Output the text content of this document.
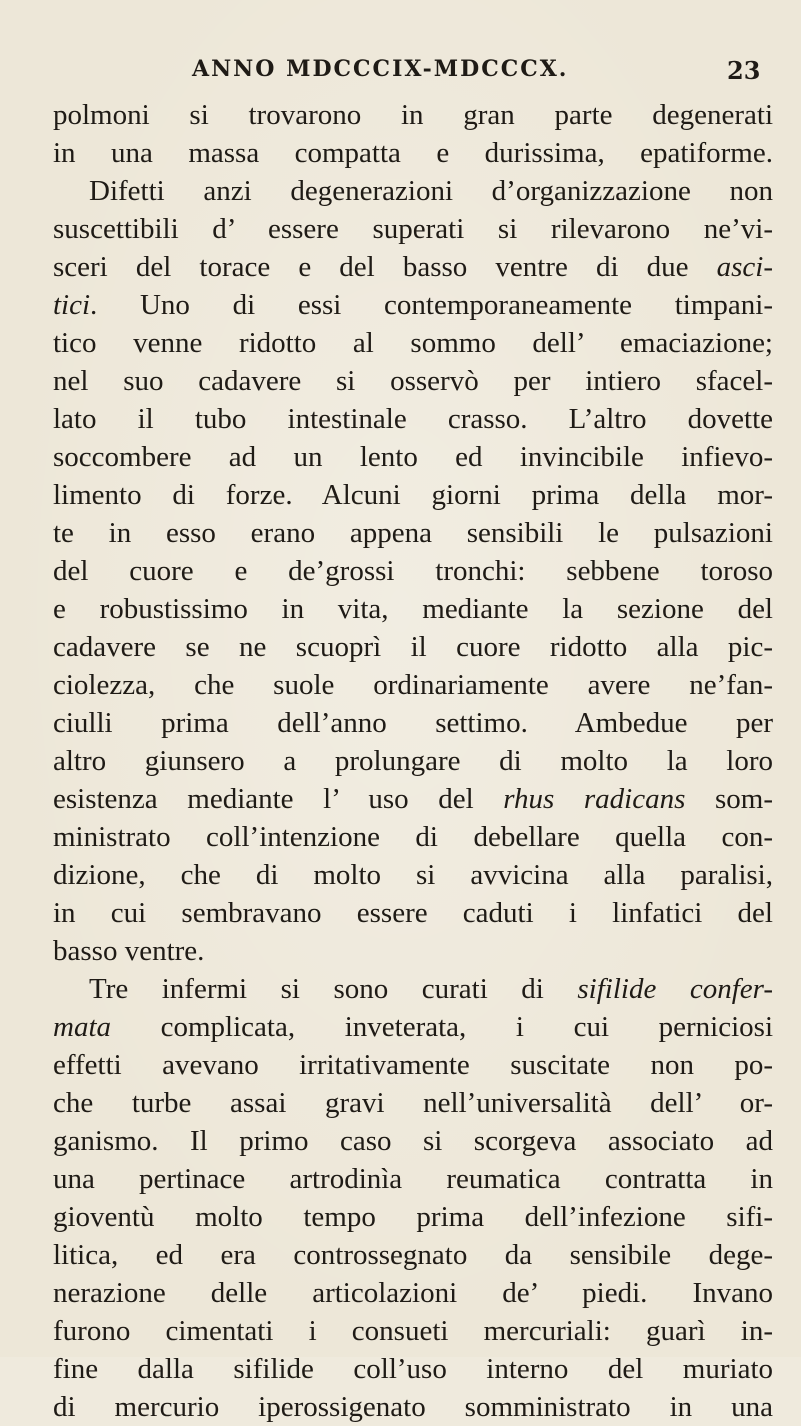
ANNO MDCCCIX-MDCCCX.	23
polmoni si trovarono in gran parte degenerati
in una massa compatta e durissima, epatiforme.
Difetti anzi degenerazioni d’organizzazione non
suscettibili d’ essere superati si rilevarono ne’vi-
sceri del torace e del basso ventre di due asci-
tici. Uno di essi contemporaneamente timpani-
tico venne ridotto al sommo dell’ emaciazione;
nel suo cadavere si osservò per intiero sfacel-
lato il tubo intestinale crasso. L’altro dovette
soccombere ad un lento ed invincibile infievo-
limento di forze. Alcuni giorni prima della mor-
te in esso erano appena sensibili le pulsazioni
del cuore e de’grossi tronchi: sebbene toroso
e robustissimo in vita, mediante la sezione del
cadavere se ne scuoprì il cuore ridotto alla pic-
ciolezza, che suole ordinariamente avere ne’fan-
ciulli prima dell’anno settimo. Ambedue per
altro giunsero a prolungare di molto la loro
esistenza mediante l’ uso del rhus radicans som-
ministrato coll’intenzione di debellare quella con-
dizione, che di molto si avvicina alla paralisi,
in cui sembravano essere caduti i linfatici del
basso ventre.
Tre infermi si sono curati di sifilide confer-
mata complicata, inveterata, i cui perniciosi
effetti avevano irritativamente suscitate non po-
che turbe assai gravi nell’universalità dell’ or-
ganismo. Il primo caso si scorgeva associato ad
una pertinace artrodinìa reumatica contratta in
gioventù molto tempo prima dell’infezione sifi-
litica, ed era controssegnato da sensibile dege-
nerazione delle articolazioni de’ piedi. Invano
furono cimentati i consueti mercuriali: guarì in-
fine dalla sifilide coll’uso interno del muriato
di mercurio iperossigenato somministrato in una
